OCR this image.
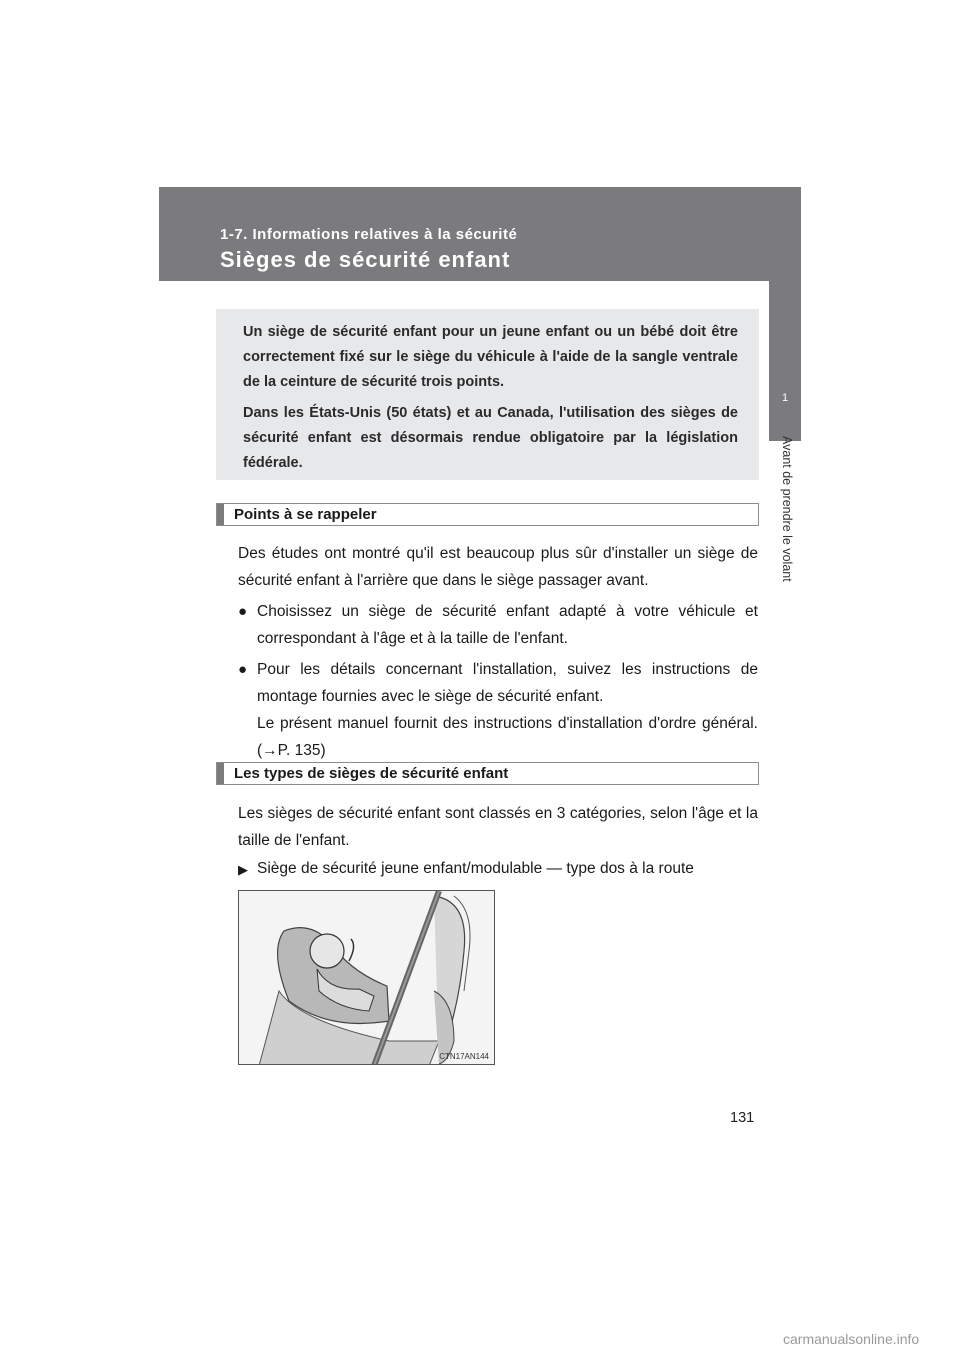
1-7. Informations relatives à la sécurité
Sièges de sécurité enfant
1
Avant de prendre le volant

Un siège de sécurité enfant pour un jeune enfant ou un bébé doit être correctement fixé sur le siège du véhicule à l'aide de la sangle ventrale de la ceinture de sécurité trois points.

Dans les États-Unis (50 états) et au Canada, l'utilisation des sièges de sécurité enfant est désormais rendue obligatoire par la législation fédérale.

Points à se rappeler

Des études ont montré qu'il est beaucoup plus sûr d'installer un siège de sécurité enfant à l'arrière que dans le siège passager avant.

● Choisissez un siège de sécurité enfant adapté à votre véhicule et correspondant à l'âge et à la taille de l'enfant.

● Pour les détails concernant l'installation, suivez les instructions de montage fournies avec le siège de sécurité enfant.

Le présent manuel fournit des instructions d'installation d'ordre général. (→P. 135)

Les types de sièges de sécurité enfant

Les sièges de sécurité enfant sont classés en 3 catégories, selon l'âge et la taille de l'enfant.

▶ Siège de sécurité jeune enfant/modulable — type dos à la route

CTN17AN144
131
carmanualsonline.info
